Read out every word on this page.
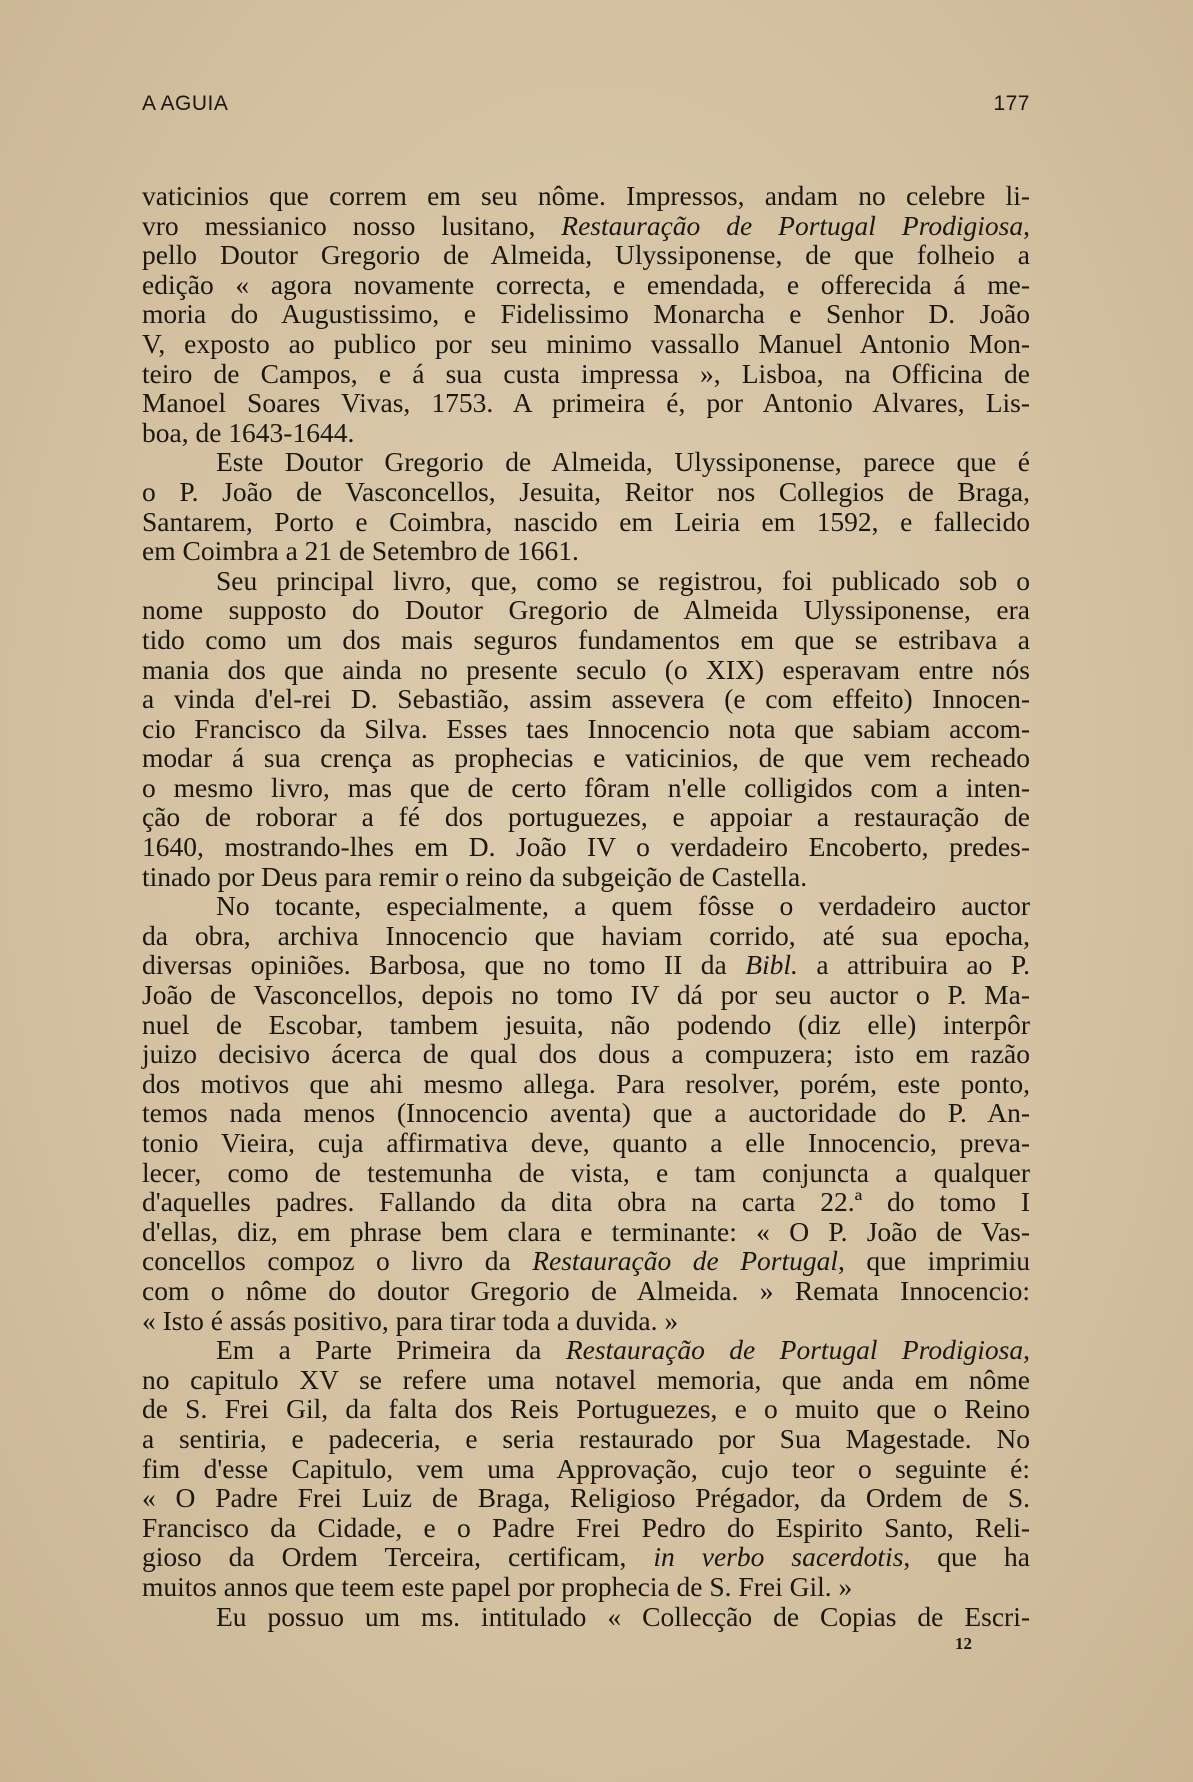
A AGUIA	177
vaticinios que correm em seu nôme. Impressos, andam no celebre li-
vro messianico nosso lusitano, Restauração de Portugal Prodigiosa,
pello Doutor Gregorio de Almeida, Ulyssiponense, de que folheio a
edição « agora novamente correcta, e emendada, e offerecida á me-
moria do Augustissimo, e Fidelissimo Monarcha e Senhor D. João
V, exposto ao publico por seu minimo vassallo Manuel Antonio Mon-
teiro de Campos, e á sua custa impressa », Lisboa, na Officina de
Manoel Soares Vivas, 1753. A primeira é, por Antonio Alvares, Lis-
boa, de 1643-1644.
Este Doutor Gregorio de Almeida, Ulyssiponense, parece que é
o P. João de Vasconcellos, Jesuita, Reitor nos Collegios de Braga,
Santarem, Porto e Coimbra, nascido em Leiria em 1592, e fallecido
em Coimbra a 21 de Setembro de 1661.
Seu principal livro, que, como se registrou, foi publicado sob o
nome supposto do Doutor Gregorio de Almeida Ulyssiponense, era
tido como um dos mais seguros fundamentos em que se estribava a
mania dos que ainda no presente seculo (o XIX) esperavam entre nós
a vinda d'el-rei D. Sebastião, assim assevera (e com effeito) Innocen-
cio Francisco da Silva. Esses taes Innocencio nota que sabiam accom-
modar á sua crença as prophecias e vaticinios, de que vem recheado
o mesmo livro, mas que de certo fôram n'elle colligidos com a inten-
ção de roborar a fé dos portuguezes, e appoiar a restauração de
1640, mostrando-lhes em D. João IV o verdadeiro Encoberto, predes-
tinado por Deus para remir o reino da subgeição de Castella.
No tocante, especialmente, a quem fôsse o verdadeiro auctor
da obra, archiva Innocencio que haviam corrido, até sua epocha,
diversas opiniões. Barbosa, que no tomo II da Bibl. a attribuira ao P.
João de Vasconcellos, depois no tomo IV dá por seu auctor o P. Ma-
nuel de Escobar, tambem jesuita, não podendo (diz elle) interpôr
juizo decisivo ácerca de qual dos dous a compuzera; isto em razão
dos motivos que ahi mesmo allega. Para resolver, porém, este ponto,
temos nada menos (Innocencio aventa) que a auctoridade do P. An-
tonio Vieira, cuja affirmativa deve, quanto a elle Innocencio, preva-
lecer, como de testemunha de vista, e tam conjuncta a qualquer
d'aquelles padres. Fallando da dita obra na carta 22.ª do tomo I
d'ellas, diz, em phrase bem clara e terminante: « O P. João de Vas-
concellos compoz o livro da Restauração de Portugal, que imprimiu
com o nôme do doutor Gregorio de Almeida. » Remata Innocencio:
« Isto é assás positivo, para tirar toda a duvida. »
Em a Parte Primeira da Restauração de Portugal Prodigiosa,
no capitulo XV se refere uma notavel memoria, que anda em nôme
de S. Frei Gil, da falta dos Reis Portuguezes, e o muito que o Reino
a sentiria, e padeceria, e seria restaurado por Sua Magestade. No
fim d'esse Capitulo, vem uma Approvação, cujo teor o seguinte é:
« O Padre Frei Luiz de Braga, Religioso Prégador, da Ordem de S.
Francisco da Cidade, e o Padre Frei Pedro do Espirito Santo, Reli-
gioso da Ordem Terceira, certificam, in verbo sacerdotis, que ha
muitos annos que teem este papel por prophecia de S. Frei Gil. »
Eu possuo um ms. intitulado « Collecção de Copias de Escri-
12
